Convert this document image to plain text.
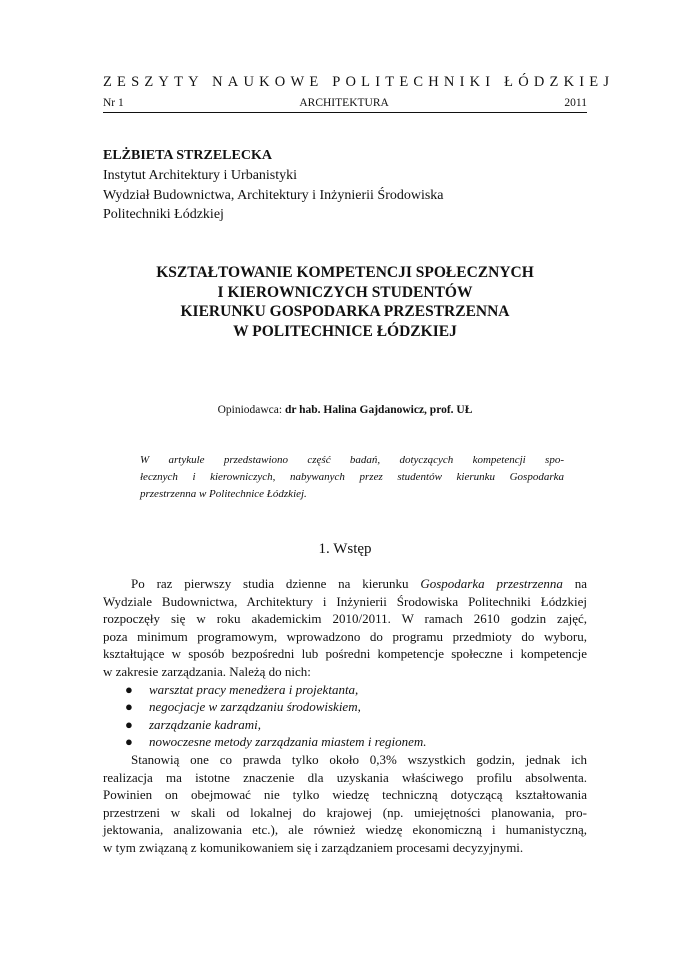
ZESZYTY NAUKOWE POLITECHNIKI ŁÓDZKIEJ
Nr 1	ARCHITEKTURA	2011
ELŻBIETA STRZELECKA
Instytut Architektury i Urbanistyki
Wydział Budownictwa, Architektury i Inżynierii Środowiska
Politechniki Łódzkiej
KSZTAŁTOWANIE KOMPETENCJI SPOŁECZNYCH
I KIEROWNICZYCH STUDENTÓW
KIERUNKU GOSPODARKA PRZESTRZENNA
W POLITECHNICE ŁÓDZKIEJ
Opiniodawca: dr hab. Halina Gajdanowicz, prof. UŁ
W artykule przedstawiono część badań, dotyczących kompetencji spo-
łecznych i kierowniczych, nabywanych przez studentów kierunku Gospodarka
przestrzenna w Politechnice Łódzkiej.
1. Wstęp
Po raz pierwszy studia dzienne na kierunku Gospodarka przestrzenna na
Wydziale Budownictwa, Architektury i Inżynierii Środowiska Politechniki Łódzkiej
rozpoczęły się w roku akademickim 2010/2011. W ramach 2610 godzin zajęć,
poza minimum programowym, wprowadzono do programu przedmioty do wyboru,
kształtujące w sposób bezpośredni lub pośredni kompetencje społeczne i kompetencje
w zakresie zarządzania. Należą do nich:
● warsztat pracy menedżera i projektanta,
● negocjacje w zarządzaniu środowiskiem,
● zarządzanie kadrami,
● nowoczesne metody zarządzania miastem i regionem.
Stanowią one co prawda tylko około 0,3% wszystkich godzin, jednak ich
realizacja ma istotne znaczenie dla uzyskania właściwego profilu absolwenta.
Powinien on obejmować nie tylko wiedzę techniczną dotyczącą kształtowania
przestrzeni w skali od lokalnej do krajowej (np. umiejętności planowania, pro-
jektowania, analizowania etc.), ale również wiedzę ekonomiczną i humanistyczną,
w tym związaną z komunikowaniem się i zarządzaniem procesami decyzyjnymi.
